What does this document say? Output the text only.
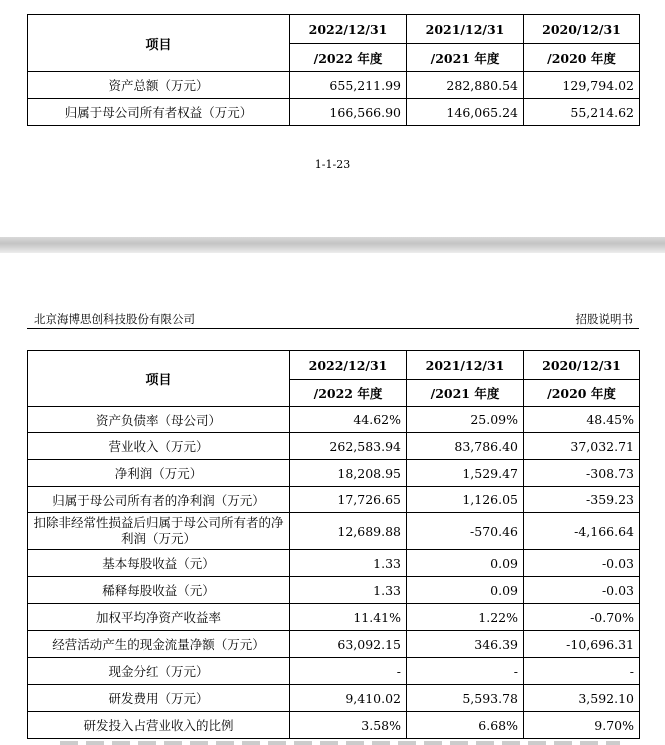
项目	2022/12/31	2021/12/31	2020/12/31
	/2022 年度	/2021 年度	/2020 年度
资产总额（万元）	655,211.99	282,880.54	129,794.02
归属于母公司所有者权益（万元）	166,566.90	146,065.24	55,214.62
1-1-23
北京海博思创科技股份有限公司	招股说明书
项目	2022/12/31	2021/12/31	2020/12/31
	/2022 年度	/2021 年度	/2020 年度
资产负债率（母公司）	44.62%	25.09%	48.45%
营业收入（万元）	262,583.94	83,786.40	37,032.71
净利润（万元）	18,208.95	1,529.47	-308.73
归属于母公司所有者的净利润（万元）	17,726.65	1,126.05	-359.23
扣除非经常性损益后归属于母公司所有者的净利润（万元）	12,689.88	-570.46	-4,166.64
基本每股收益（元）	1.33	0.09	-0.03
稀释每股收益（元）	1.33	0.09	-0.03
加权平均净资产收益率	11.41%	1.22%	-0.70%
经营活动产生的现金流量净额（万元）	63,092.15	346.39	-10,696.31
现金分红（万元）	-	-	-
研发费用（万元）	9,410.02	5,593.78	3,592.10
研发投入占营业收入的比例	3.58%	6.68%	9.70%
